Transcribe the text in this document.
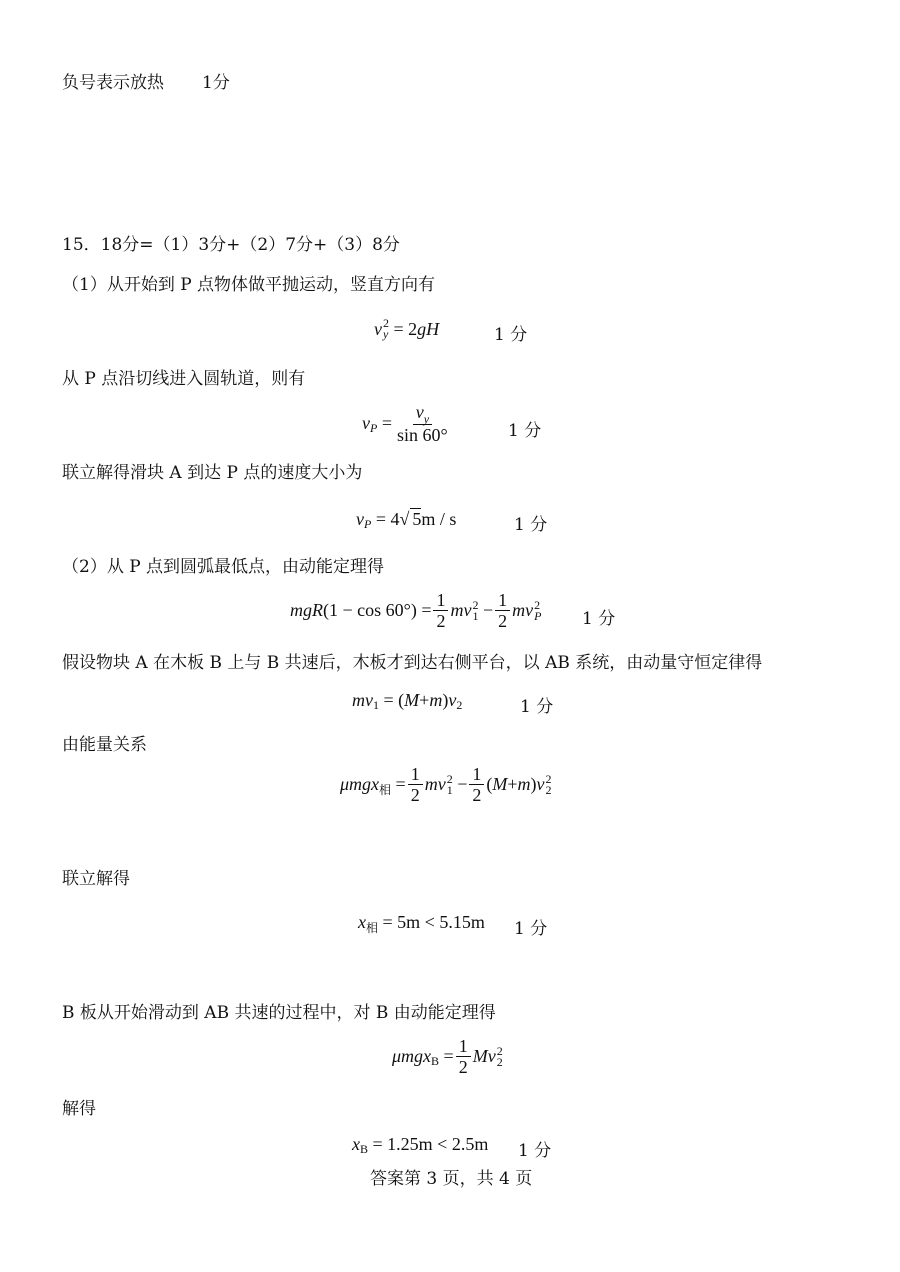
负号表示放热 1分
15．18分=（1）3分+（2）7分+（3）8分
（1）从开始到 P 点物体做平抛运动，竖直方向有
v 2
y = 2 gH	1 分
从 P 点沿切线进入圆轨道，则有
v $P = \frac{v_y}{\sin 60^\circ}$	1 分
联立解得滑块 A 到达 P 点的速度大小为
v P = 4√ 5 m / s	1 分
（2）从 P 点到圆弧最低点，由动能定理得
mgR $(1 - \cos 60^\circ) = \frac{1}{2}$ mv 2
$1 - \frac{1}{2}$ mv 2
P 1 分
假设物块 A 在木板 B 上与 B 共速后，木板才到达右侧平台，以 AB 系统，由动量守恒定律得
mv 1 = ( M + m ) v 2	1 分
由能量关系
μmgx 相 = $\frac{1}{2}$ mv 2
$1 - \frac{1}{2}$ ( M + m ) v 2
2
联立解得
x 相 = 5m < 5.15m 1 分
B 板从开始滑动到 AB 共速的过程中，对 B 由动能定理得
μmgx $B = \frac{1}{2}$ Mv 2
2
解得
x B = 1.25m < 2.5m 1 分
答案第 3 页，共 4 页
